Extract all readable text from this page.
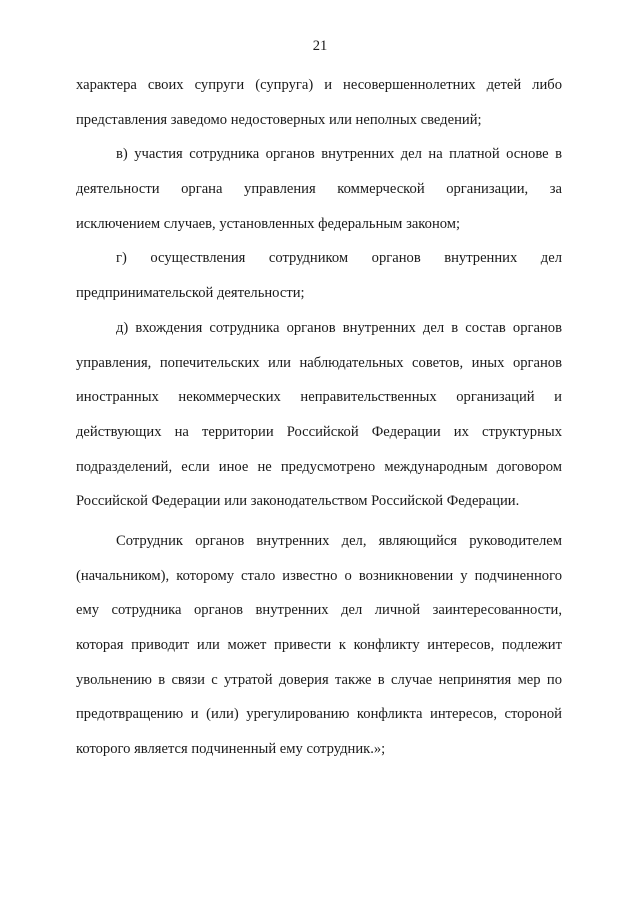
21
характера своих супруги (супруга) и несовершеннолетних детей либо
представления заведомо недостоверных или неполных сведений;
в) участия сотрудника органов внутренних дел на платной основе в
деятельности органа управления коммерческой организации, за
исключением случаев, установленных федеральным законом;
г) осуществления сотрудником органов внутренних дел
предпринимательской деятельности;
д) вхождения сотрудника органов внутренних дел в состав органов
управления, попечительских или наблюдательных советов, иных органов
иностранных некоммерческих неправительственных организаций и
действующих на территории Российской Федерации их структурных
подразделений, если иное не предусмотрено международным договором
Российской Федерации или законодательством Российской Федерации.
Сотрудник органов внутренних дел, являющийся руководителем
(начальником), которому стало известно о возникновении у подчиненного
ему сотрудника органов внутренних дел личной заинтересованности,
которая приводит или может привести к конфликту интересов, подлежит
увольнению в связи с утратой доверия также в случае непринятия мер по
предотвращению и (или) урегулированию конфликта интересов, стороной
которого является подчиненный ему сотрудник.»;
